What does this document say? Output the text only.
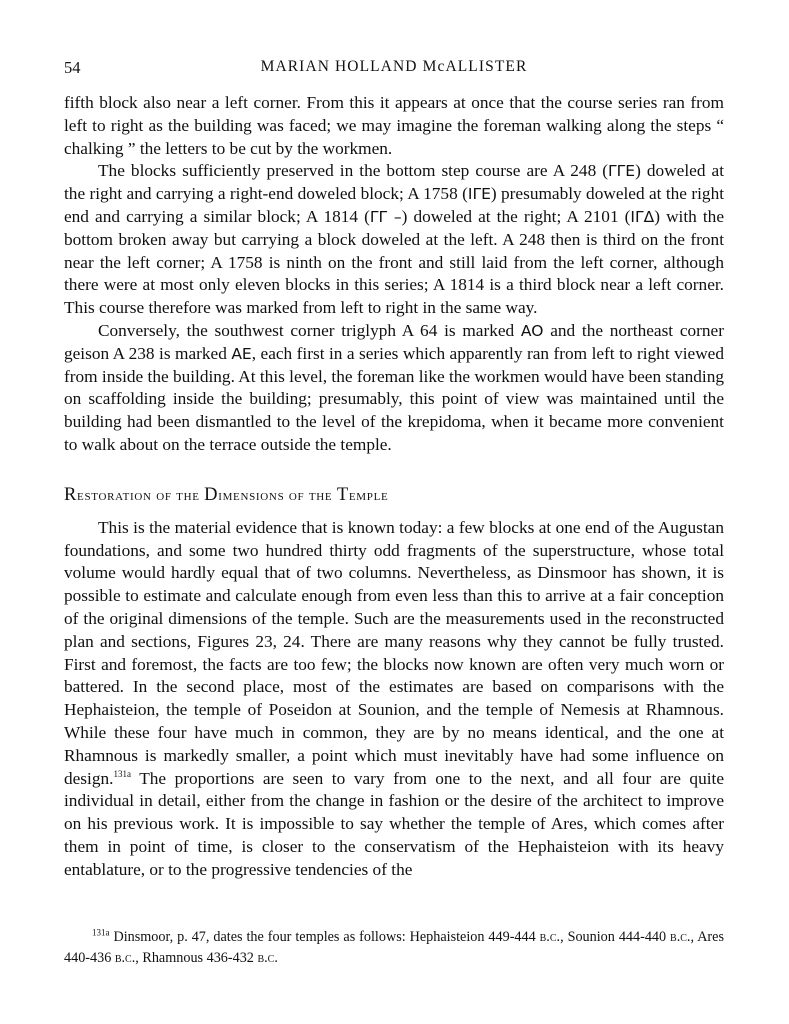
54	MARIAN HOLLAND McALLISTER

fifth block also near a left corner. From this it appears at once that the course series ran from left to right as the building was faced; we may imagine the foreman walking along the steps “ chalking ” the letters to be cut by the workmen.

The blocks sufficiently preserved in the bottom step course are A 248 (ΓΓE) doweled at the right and carrying a right-end doweled block; A 1758 (IΓE) presumably doweled at the right end and carrying a similar block; A 1814 (ΓΓ –) doweled at the right; A 2101 (IΓΔ) with the bottom broken away but carrying a block doweled at the left. A 248 then is third on the front near the left corner; A 1758 is ninth on the front and still laid from the left corner, although there were at most only eleven blocks in this series; A 1814 is a third block near a left corner. This course therefore was marked from left to right in the same way.

Conversely, the southwest corner triglyph A 64 is marked AO and the northeast corner geison A 238 is marked AE, each first in a series which apparently ran from left to right viewed from inside the building. At this level, the foreman like the workmen would have been standing on scaffolding inside the building; presumably, this point of view was maintained until the building had been dismantled to the level of the krepidoma, when it became more convenient to walk about on the terrace outside the temple.

Restoration of the Dimensions of the Temple

This is the material evidence that is known today: a few blocks at one end of the Augustan foundations, and some two hundred thirty odd fragments of the superstructure, whose total volume would hardly equal that of two columns. Nevertheless, as Dinsmoor has shown, it is possible to estimate and calculate enough from even less than this to arrive at a fair conception of the original dimensions of the temple. Such are the measurements used in the reconstructed plan and sections, Figures 23, 24. There are many reasons why they cannot be fully trusted. First and foremost, the facts are too few; the blocks now known are often very much worn or battered. In the second place, most of the estimates are based on comparisons with the Hephaisteion, the temple of Poseidon at Sounion, and the temple of Nemesis at Rhamnous. While these four have much in common, they are by no means identical, and the one at Rhamnous is markedly smaller, a point which must inevitably have had some influence on design.$^{131a}$ The proportions are seen to vary from one to the next, and all four are quite individual in detail, either from the change in fashion or the desire of the architect to improve on his previous work. It is impossible to say whether the temple of Ares, which comes after them in point of time, is closer to the conservatism of the Hephaisteion with its heavy entablature, or to the progressive tendencies of the

$^{131a}$ Dinsmoor, p. 47, dates the four temples as follows: Hephaisteion 449-444 b.c., Sounion 444-440 b.c., Ares 440-436 b.c., Rhamnous 436-432 b.c.
